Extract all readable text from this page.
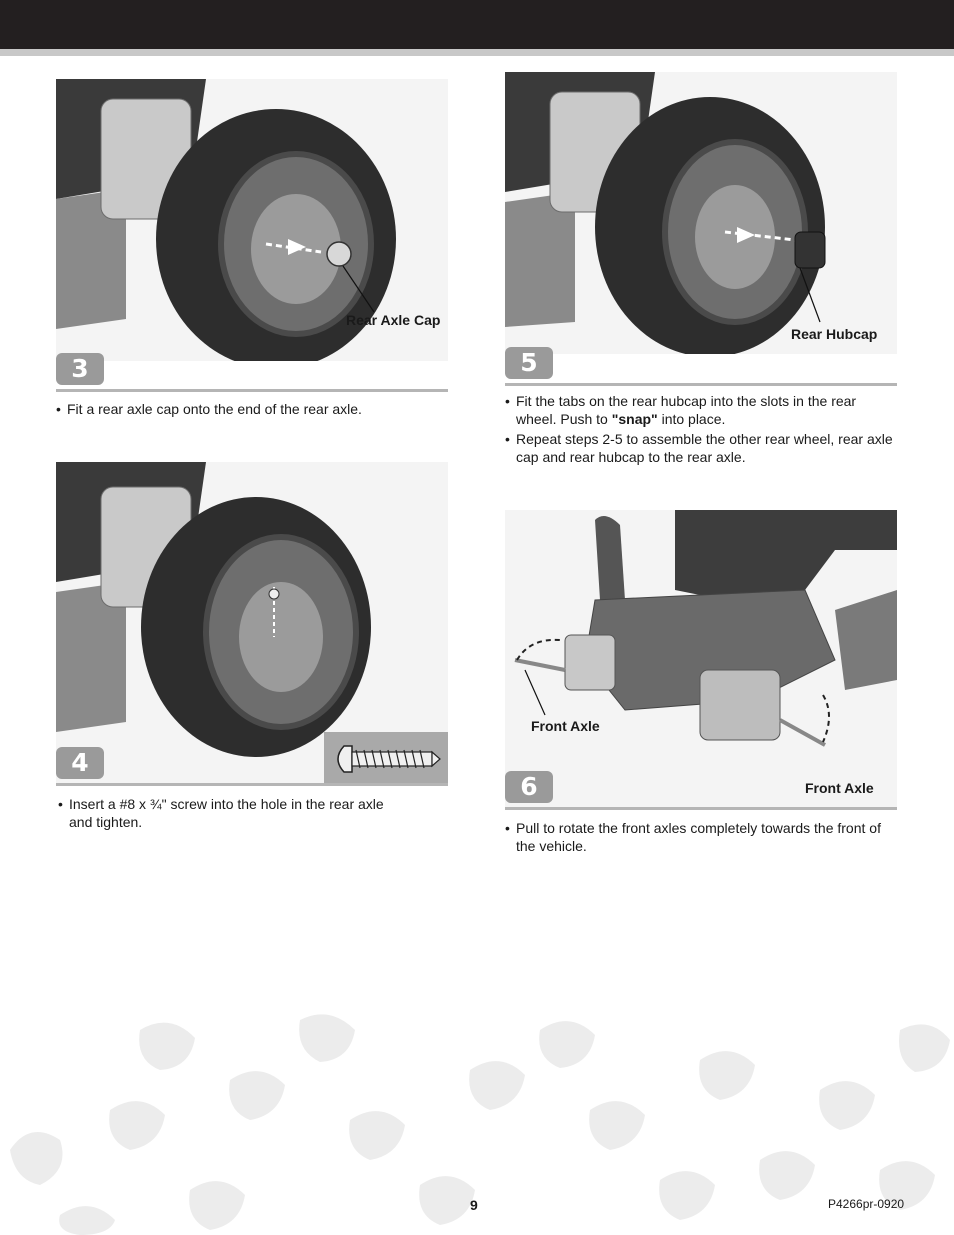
Rear Axle Cap
3
• Fit a rear axle cap onto the end of the rear axle.
4
• Insert a #8 x ¾" screw into the hole in the rear axle and tighten.
Rear Hubcap
5
• Fit the tabs on the rear hubcap into the slots in the rear wheel. Push to "snap" into place.
• Repeat steps 2-5 to assemble the other rear wheel, rear axle cap and rear hubcap to the rear axle.
Front Axle
Front Axle
6
• Pull to rotate the front axles completely towards the front of the vehicle.
9	P4266pr-0920
